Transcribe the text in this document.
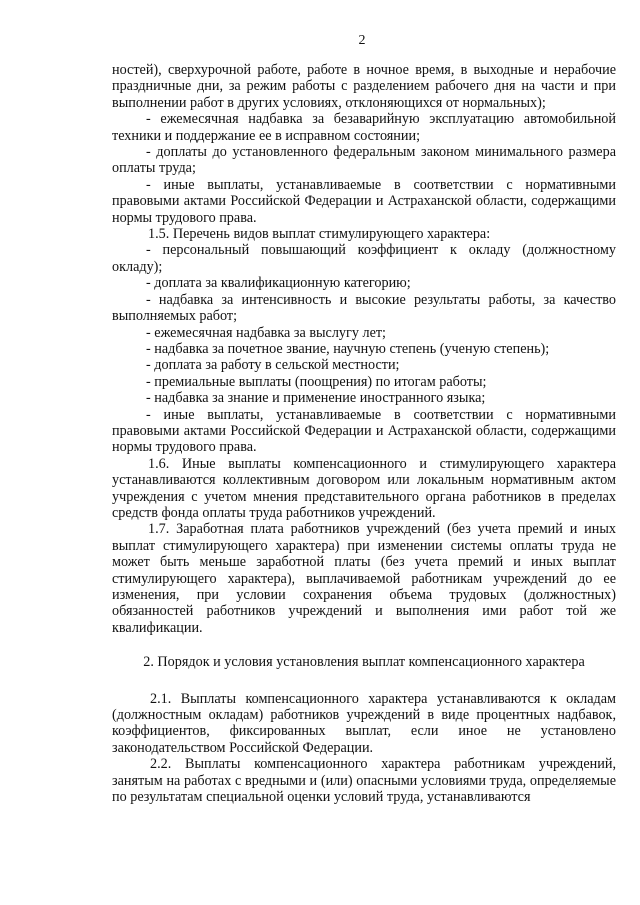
2

ностей), сверхурочной работе, работе в ночное время, в выходные и нерабочие праздничные дни, за режим работы с разделением рабочего дня на части и при выполнении работ в других условиях, отклоняющихся от нормальных);

- ежемесячная надбавка за безаварийную эксплуатацию автомобильной техники и поддержание ее в исправном состоянии;

- доплаты до установленного федеральным законом минимального размера оплаты труда;

- иные выплаты, устанавливаемые в соответствии с нормативными правовыми актами Российской Федерации и Астраханской области, содержащими нормы трудового права.

1.5. Перечень видов выплат стимулирующего характера:

- персональный повышающий коэффициент к окладу (должностному окладу);

- доплата за квалификационную категорию;

- надбавка за интенсивность и высокие результаты работы, за качество выполняемых работ;

- ежемесячная надбавка за выслугу лет;

- надбавка за почетное звание, научную степень (ученую степень);

- доплата за работу в сельской местности;

- премиальные выплаты (поощрения) по итогам работы;

- надбавка за знание и применение иностранного языка;

- иные выплаты, устанавливаемые в соответствии с нормативными правовыми актами Российской Федерации и Астраханской области, содержащими нормы трудового права.

1.6. Иные выплаты компенсационного и стимулирующего характера устанавливаются коллективным договором или локальным нормативным актом учреждения с учетом мнения представительного органа работников в пределах средств фонда оплаты труда работников учреждений.

1.7. Заработная плата работников учреждений (без учета премий и иных выплат стимулирующего характера) при изменении системы оплаты труда не может быть меньше заработной платы (без учета премий и иных выплат стимулирующего характера), выплачиваемой работникам учреждений до ее изменения, при условии сохранения объема трудовых (должностных) обязанностей работников учреждений и выполнения ими работ той же квалификации.

2. Порядок и условия установления выплат компенсационного характера

2.1. Выплаты компенсационного характера устанавливаются к окладам (должностным окладам) работников учреждений в виде процентных надбавок, коэффициентов, фиксированных выплат, если иное не установлено законодательством Российской Федерации.

2.2. Выплаты компенсационного характера работникам учреждений, занятым на работах с вредными и (или) опасными условиями труда, определяемые по результатам специальной оценки условий труда, устанавливаются
